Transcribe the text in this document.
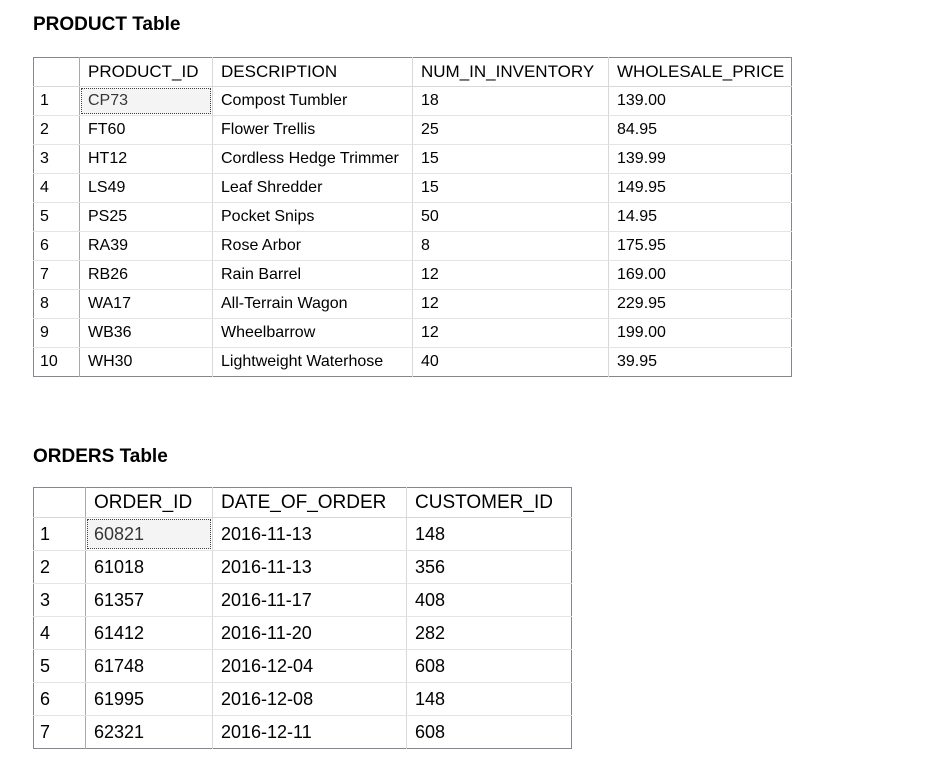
PRODUCT Table
	PRODUCT_ID	DESCRIPTION	NUM_IN_INVENTORY	WHOLESALE_PRICE
1	CP73	Compost Tumbler	18	139.00
2	FT60	Flower Trellis	25	84.95
3	HT12	Cordless Hedge Trimmer	15	139.99
4	LS49	Leaf Shredder	15	149.95
5	PS25	Pocket Snips	50	14.95
6	RA39	Rose Arbor	8	175.95
7	RB26	Rain Barrel	12	169.00
8	WA17	All-Terrain Wagon	12	229.95
9	WB36	Wheelbarrow	12	199.00
10	WH30	Lightweight Waterhose	40	39.95
ORDERS Table
	ORDER_ID	DATE_OF_ORDER	CUSTOMER_ID
1	60821	2016-11-13	148
2	61018	2016-11-13	356
3	61357	2016-11-17	408
4	61412	2016-11-20	282
5	61748	2016-12-04	608
6	61995	2016-12-08	148
7	62321	2016-12-11	608
